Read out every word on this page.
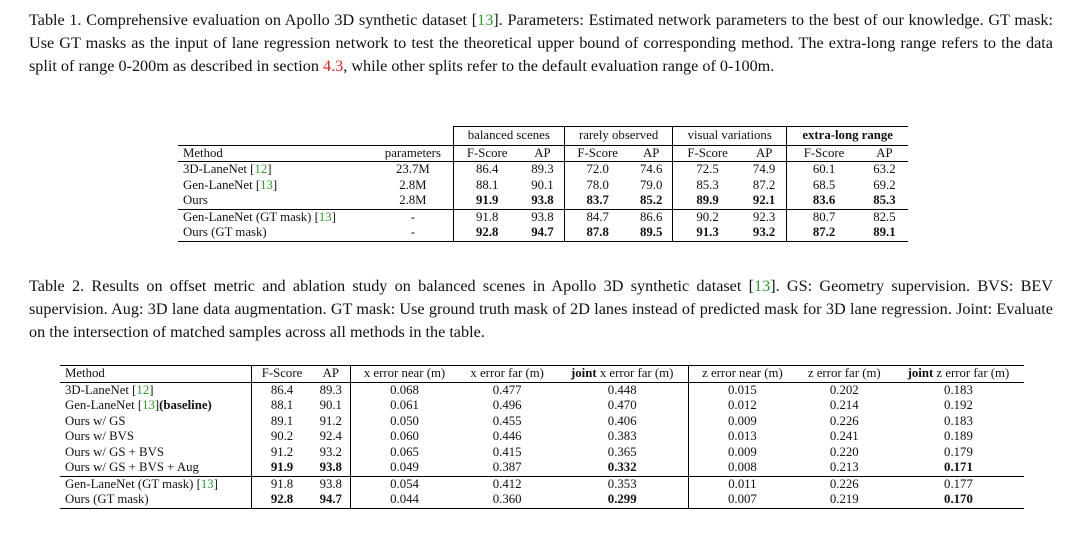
Table 1. Comprehensive evaluation on Apollo 3D synthetic dataset [13]. Parameters: Estimated network parameters to the best of our knowledge. GT mask: Use GT masks as the input of lane regression network to test the theoretical upper bound of corresponding method. The extra-long range refers to the data split of range 0-200m as described in section 4.3, while other splits refer to the default evaluation range of 0-100m.

		balanced scenes		rarely observed		visual variations		extra-long range	
Method	parameters	F-Score	AP	F-Score	AP	F-Score	AP	F-Score	AP
3D-LaneNet [12]	23.7M	86.4	89.3	72.0	74.6	72.5	74.9	60.1	63.2
Gen-LaneNet [13]	2.8M	88.1	90.1	78.0	79.0	85.3	87.2	68.5	69.2
Ours	2.8M	91.9	93.8	83.7	85.2	89.9	92.1	83.6	85.3
Gen-LaneNet (GT mask) [13]	-	91.8	93.8	84.7	86.6	90.2	92.3	80.7	82.5
Ours (GT mask)	-	92.8	94.7	87.8	89.5	91.3	93.2	87.2	89.1

Table 2. Results on offset metric and ablation study on balanced scenes in Apollo 3D synthetic dataset [13]. GS: Geometry supervision. BVS: BEV supervision. Aug: 3D lane data augmentation. GT mask: Use ground truth mask of 2D lanes instead of predicted mask for 3D lane regression. Joint: Evaluate on the intersection of matched samples across all methods in the table.

Method	F-Score	AP	x error near (m)	x error far (m)	joint x error far (m)	z error near (m)	z error far (m)	joint z error far (m)
3D-LaneNet [12]	86.4	89.3	0.068	0.477	0.448	0.015	0.202	0.183
Gen-LaneNet [13](baseline)	88.1	90.1	0.061	0.496	0.470	0.012	0.214	0.192
Ours w/ GS	89.1	91.2	0.050	0.455	0.406	0.009	0.226	0.183
Ours w/ BVS	90.2	92.4	0.060	0.446	0.383	0.013	0.241	0.189
Ours w/ GS + BVS	91.2	93.2	0.065	0.415	0.365	0.009	0.220	0.179
Ours w/ GS + BVS + Aug	91.9	93.8	0.049	0.387	0.332	0.008	0.213	0.171
Gen-LaneNet (GT mask) [13]	91.8	93.8	0.054	0.412	0.353	0.011	0.226	0.177
Ours (GT mask)	92.8	94.7	0.044	0.360	0.299	0.007	0.219	0.170
